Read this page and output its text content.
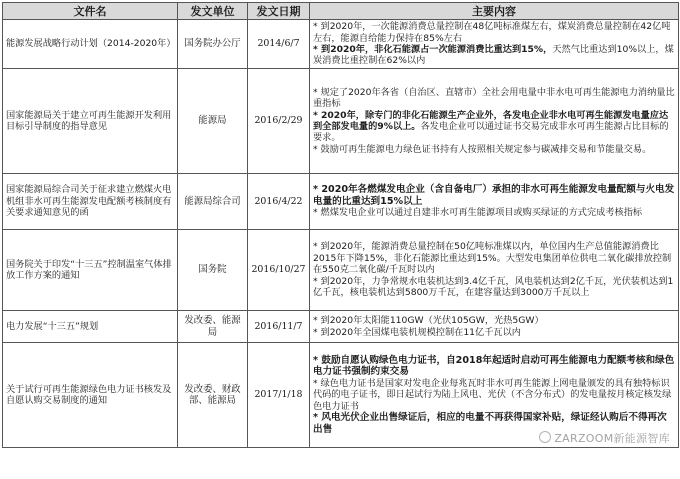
文件名	发文单位	发文日期	主要内容
能源发展战略行动计划（2014-2020年）	国务院办公厅	2014/6/7	* 到2020年，一次能源消费总量控制在48亿吨标准煤左右，煤炭消费总量控制在42亿吨左右，能源自给能力保持在85%左右

* 到2020年，非化石能源占一次能源消费比重达到15%，天然气比重达到10%以上，煤炭消费比重控制在62%以内

国家能源局关于建立可再生能源开发利用目标引导制度的指导意见	能源局	2016/2/29	* 规定了2020年各省（自治区、直辖市）全社会用电量中非水电可再生能源电力消纳量比重指标

* 2020年，除专门的非化石能源生产企业外，各发电企业非水电可再生能源发电量应达到全部发电量的9%以上。各发电企业可以通过证书交易完成非水可再生能源占比目标的要求。

* 鼓励可再生能源电力绿色证书持有人按照相关规定参与碳减排交易和节能量交易。

国家能源局综合司关于征求建立燃煤火电机组非水可再生能源发电配额考核制度有关要求通知意见的函	能源局综合司	2016/4/22	* 2020年各燃煤发电企业（含自备电厂）承担的非水可再生能源发电量配额与火电发电量的比重达到15%以上

* 燃煤发电企业可以通过自建非水可再生能源项目或购买绿证的方式完成考核指标

国务院关于印发“十三五”控制温室气体排放工作方案的通知	国务院	2016/10/27	* 到2020年，能源消费总量控制在50亿吨标准煤以内，单位国内生产总值能源消费比2015年下降15%，非化石能源比重达到15%。大型发电集团单位供电二氧化碳排放控制在550克二氧化碳/千瓦时以内

* 到2020年，力争常规水电装机达到3.4亿千瓦，风电装机达到2亿千瓦，光伏装机达到1亿千瓦，核电装机达到5800万千瓦，在建容量达到3000万千瓦以上

电力发展“十三五”规划	发改委、能源局	2016/11/7	* 到2020年太阳能110GW（光伏105GW，光热5GW）

* 到2020年全国煤电装机规模控制在11亿千瓦以内

关于试行可再生能源绿色电力证书核发及自愿认购交易制度的通知	发改委、财政部、能源局	2017/1/18	* 鼓励自愿认购绿色电力证书，自2018年起适时启动可再生能源电力配额考核和绿色电力证书强制约束交易

* 绿色电力证书是国家对发电企业每兆瓦时非水可再生能源上网电量颁发的具有独特标识代码的电子证书，即日起试行为陆上风电、光伏（不含分布式）的发电量按月核定核发绿色电力证书

* 风电光伏企业出售绿证后，相应的电量不再获得国家补贴，绿证经认购后不得再次出售

ZARZOOM新能源智库
